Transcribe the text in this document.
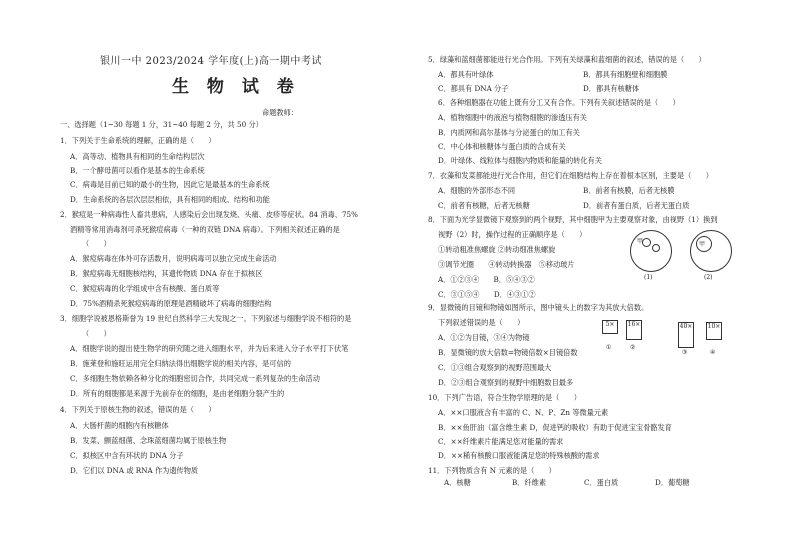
银川一中 2023/2024 学年度(上)高一期中考试
生 物 试 卷
命题教师：
一、选择题（1~30 每题 1 分，31~40 每题 2 分，共 50 分）
1．下列关于生命系统的理解，正确的是（　　）
A．高等动、植物具有相同的生命结构层次
B．一个酵母菌可以看作是基本的生命系统
C．病毒是目前已知的最小的生物，因此它是最基本的生命系统
D．生命系统的各层次层层相依，具有相同的组成、结构和功能
2．猴痘是一种病毒性人畜共患病，人感染后会出现发烧、头痛、皮疹等症状。84 消毒、75%
酒精等常用消毒剂可杀死猴痘病毒（一种的双链 DNA 病毒）。下列相关叙述正确的是
（　　）
A．猴痘病毒在体外可存活数月，说明病毒可以独立完成生命活动
B．猴痘病毒无细胞核结构，其遗传物质 DNA 存在于拟核区
C．猴痘病毒的化学组成中含有核酸、蛋白质等
D．75%酒精杀死猴痘病毒的原理是酒精破坏了病毒的细胞结构
3．细胞学说被恩格斯誉为 19 世纪自然科学三大发现之一。下列叙述与细胞学说不相符的是
（　　）
A．细胞学说的提出使生物学的研究随之进入细胞水平，并为后来进入分子水平打下伏笔
B．施莱登和施旺运用完全归纳法得出细胞学说的相关内容，是可信的
C．多细胞生物依赖各种分化的细胞密切合作，共同完成一系列复杂的生命活动
D．所有的细胞都是来源于先前存在的细胞，是由老细胞分裂产生的
4．下列关于原核生物的叙述，错误的是（　　）
A．大肠杆菌的细胞内有核糖体
B．发菜、颤蓝细菌、念珠蓝细菌均属于原核生物
C．拟核区中含有环状的 DNA 分子
D．它们以 DNA 或 RNA 作为遗传物质
5．绿藻和蓝细菌都能进行光合作用。下列有关绿藻和蓝细菌的叙述，错误的是（　　）
A．都具有叶绿体	B．都具有细胞壁和细胞膜
C．都具有 DNA 分子	D．都具有核糖体
6．各种细胞器在功能上既有分工又有合作。下列有关叙述错误的是（　　）
A．植物细胞中的液泡与植物细胞的渗透压有关
B．内质网和高尔基体与分泌蛋白的加工有关
C．中心体和核糖体与蛋白质的合成有关
D．叶绿体、线粒体与细胞内物质和能量的转化有关
7．衣藻和发菜都能进行光合作用，但它们在细胞结构上存在着根本区别，主要是（　　）
A．细胞的外部形态不同	B．前者有核膜，后者无核膜
C．前者有核糖，后者无核糖	D．前者有蛋白质，后者无蛋白质
8．下面为光学显微镜下观察到的两个视野，其中细胞甲为主要观察对象，由视野（1）换到
视野（2）时，操作过程的正确顺序是（　　）
①转动粗准焦螺旋 ②转动细准焦螺旋
③调节光圈　　④转动转换器　⑤移动玻片
A．①②③④　　B．⑤④③②
C．③①⑤④　　D．④③①②
9．显微镜的目镜和物镜如图所示，图中镜头上的数字为其放大倍数。
下列叙述错误的是（　　）
A．①②为目镜，③④为物镜
B．显微镜的放大倍数=物镜倍数×目镜倍数
C．①③组合观察到的视野范围最大
D．②③组合观察到的视野中细胞数目最多
10．下列广告语，符合生物学原理的是（　　）
A．××口服液含有丰富的 C、N、P、Zn 等微量元素
B．××鱼肝油（富含维生素 D，促进钙的吸收）有助于促进宝宝骨骼发育
C．××纤维素片能满足您对能量的需求
D．××稀有核酸口服液能满足您的特殊核酸的需求
11．下列物质含有 N 元素的是（　　）
甲
(1)
甲
(2)
5×
①
16×
②
40×
③
10×
④
A．核糖	B．纤维素	C．蛋白质	D．葡萄糖
